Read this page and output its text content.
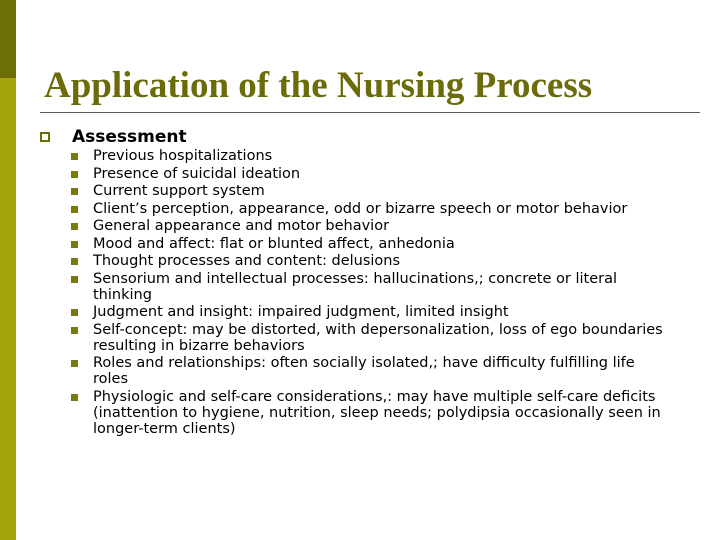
Application of the Nursing Process
Assessment
Previous hospitalizations
Presence of suicidal ideation
Current support system
Client’s perception, appearance, odd or bizarre speech or motor behavior
General appearance and motor behavior
Mood and affect: flat or blunted affect, anhedonia
Thought processes and content: delusions
Sensorium and intellectual processes: hallucinations,; concrete or literal thinking
Judgment and insight: impaired judgment, limited insight
Self-concept: may be distorted, with depersonalization, loss of ego boundaries resulting in bizarre behaviors
Roles and relationships: often socially isolated,; have difficulty fulfilling life roles
Physiologic and self-care considerations,: may have multiple self-care deficits (inattention to hygiene, nutrition, sleep needs; polydipsia occasionally seen in longer-term clients)
